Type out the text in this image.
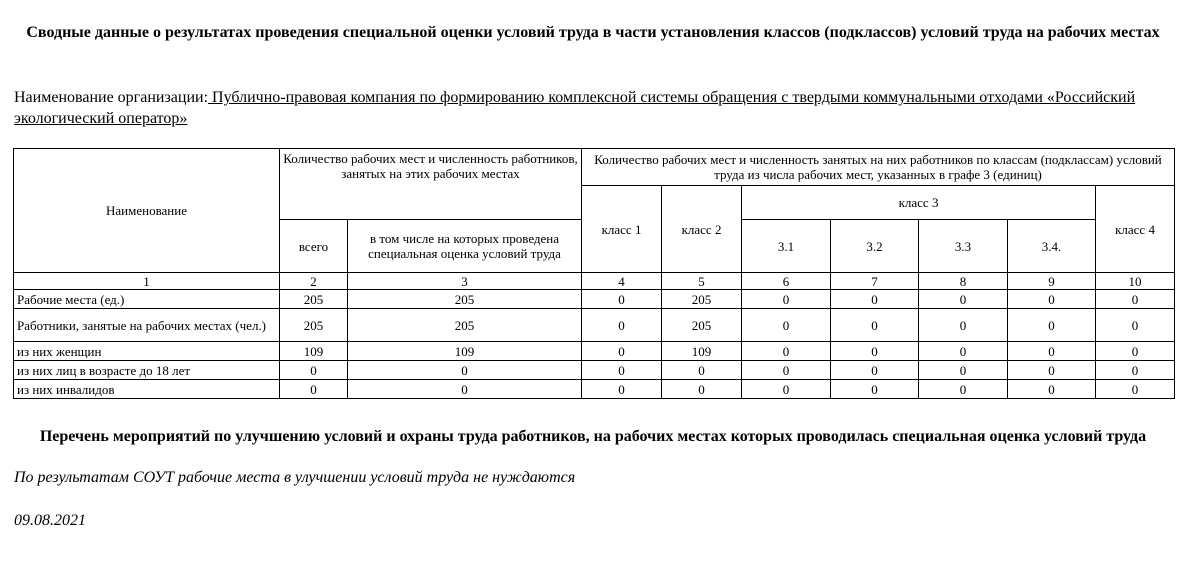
Сводные данные о результатах проведения специальной оценки условий труда в части установления классов (подклассов) условий труда на рабочих местах
Наименование организации: Публично-правовая компания по формированию комплексной системы обращения с твердыми коммунальными отходами «Российский экологический оператор»
Наименование	Количество рабочих мест и численность работников, занятых на этих рабочих местах		Количество рабочих мест и численность занятых на них работников по классам (подклассам) условий труда из числа рабочих мест, указанных в графе 3 (единиц)						
			класс 1	класс 2	класс 3				класс 4
	всего	в том числе на которых проведена специальная оценка условий труда			3.1	3.2	3.3	3.4.	
1	2	3	4	5	6	7	8	9	10
Рабочие места (ед.)	205	205	0	205	0	0	0	0	0
Работники, занятые на рабочих местах (чел.)	205	205	0	205	0	0	0	0	0
из них женщин	109	109	0	109	0	0	0	0	0
из них лиц в возрасте до 18 лет	0	0	0	0	0	0	0	0	0
из них инвалидов	0	0	0	0	0	0	0	0	0
Перечень мероприятий по улучшению условий и охраны труда работников, на рабочих местах которых проводилась специальная оценка условий труда
По результатам СОУТ рабочие места в улучшении условий труда не нуждаются
09.08.2021
